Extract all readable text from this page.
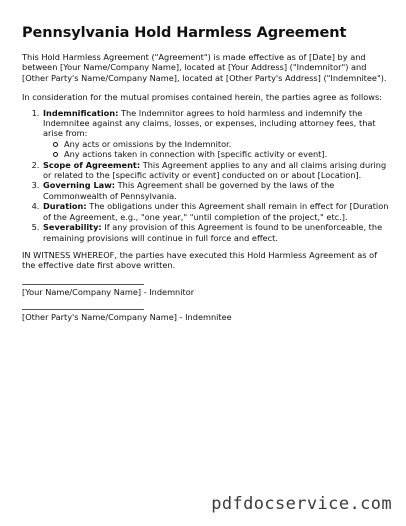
Pennsylvania Hold Harmless Agreement

This Hold Harmless Agreement ("Agreement") is made effective as of [Date] by and between [Your Name/Company Name], located at [Your Address] ("Indemnitor") and [Other Party's Name/Company Name], located at [Other Party's Address] ("Indemnitee").

In consideration for the mutual promises contained herein, the parties agree as follows:

1. Indemnification: The Indemnitor agrees to hold harmless and indemnify the Indemnitee against any claims, losses, or expenses, including attorney fees, that arise from:
Any acts or omissions by the Indemnitor.
Any actions taken in connection with [specific activity or event].
2. Scope of Agreement: This Agreement applies to any and all claims arising during or related to the [specific activity or event] conducted on or about [Location].
3. Governing Law: This Agreement shall be governed by the laws of the Commonwealth of Pennsylvania.
4. Duration: The obligations under this Agreement shall remain in effect for [Duration of the Agreement, e.g., "one year," "until completion of the project," etc.].
5. Severability: If any provision of this Agreement is found to be unenforceable, the remaining provisions will continue in full force and effect.

IN WITNESS WHEREOF, the parties have executed this Hold Harmless Agreement as of the effective date first above written.

[Your Name/Company Name] - Indemnitor
[Other Party's Name/Company Name] - Indemnitee
pdfdocservice.com
